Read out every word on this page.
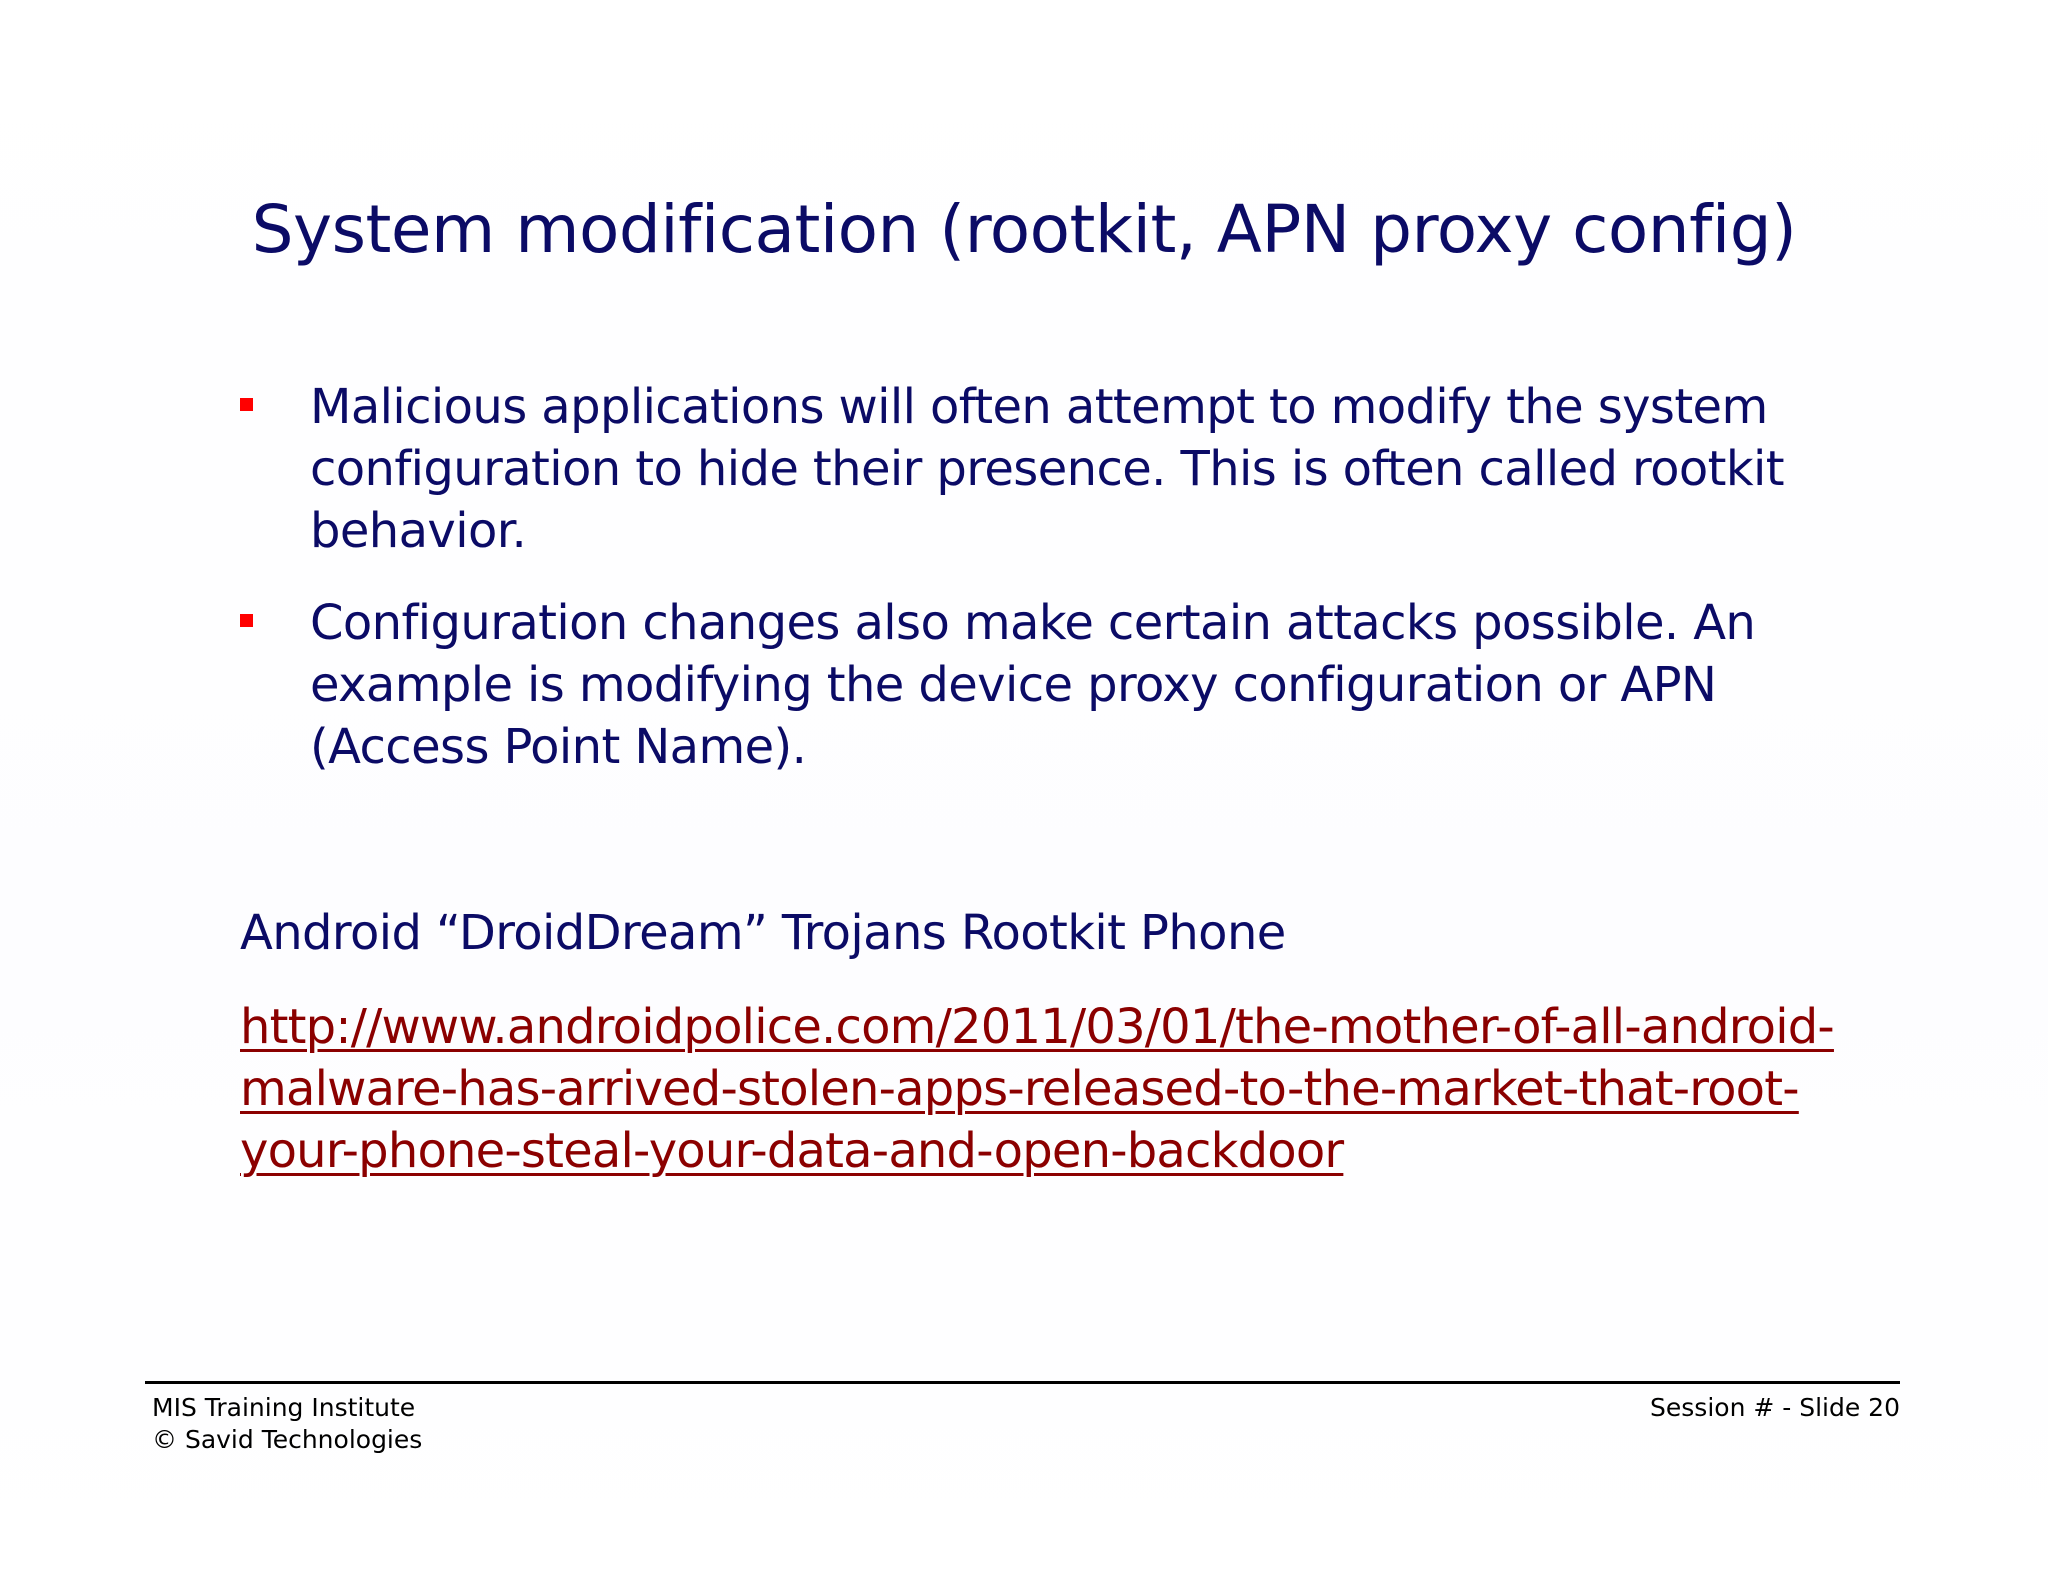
System modification (rootkit, APN proxy config)
Malicious applications will often attempt to modify the system
configuration to hide their presence. This is often called rootkit
behavior.
Configuration changes also make certain attacks possible. An
example is modifying the device proxy configuration or APN
(Access Point Name).
Android “DroidDream” Trojans Rootkit Phone
http://www.androidpolice.com/2011/03/01/the-mother-of-all-android-
malware-has-arrived-stolen-apps-released-to-the-market-that-root-
your-phone-steal-your-data-and-open-backdoor
MIS Training Institute
© Savid Technologies
Session # - Slide 20
